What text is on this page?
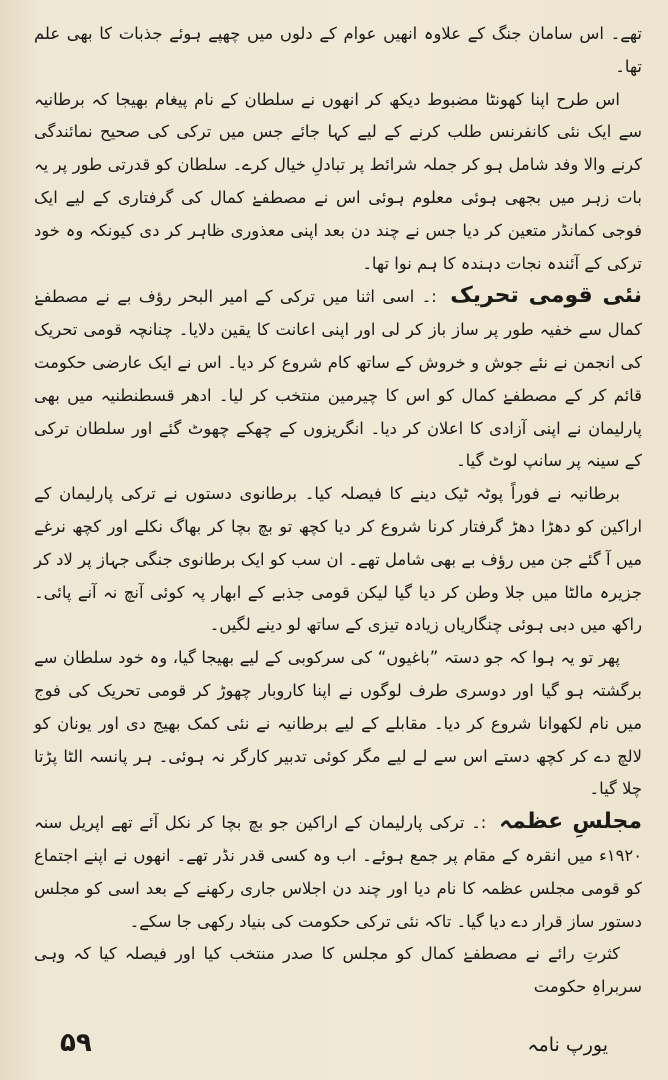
تھے۔ اس سامان جنگ کے علاوہ انھیں عوام کے دلوں میں چھپے ہوئے جذبات کا بھی علم تھا۔

اس طرح اپنا کھونٹا مضبوط دیکھ کر انھوں نے سلطان کے نام پیغام بھیجا کہ برطانیہ سے ایک نئی کانفرنس طلب کرنے کے لیے کہا جائے جس میں ترکی کی صحیح نمائندگی کرنے والا وفد شامل ہو کر جملہ شرائط پر تبادلِ خیال کرے۔ سلطان کو قدرتی طور پر یہ بات زہر میں بجھی ہوئی معلوم ہوئی اس نے مصطفےٰ کمال کی گرفتاری کے لیے ایک فوجی کمانڈر متعین کر دیا جس نے چند دن بعد اپنی معذوری ظاہر کر دی کیونکہ وہ خود ترکی کے آئندہ نجات دہندہ کا ہم نوا تھا۔

نئی قومی تحریک :۔ اسی اثنا میں ترکی کے امیر البحر رؤف بے نے مصطفےٰ کمال سے خفیہ طور پر ساز باز کر لی اور اپنی اعانت کا یقین دلایا۔ چنانچہ قومی تحریک کی انجمن نے نئے جوش و خروش کے ساتھ کام شروع کر دیا۔ اس نے ایک عارضی حکومت قائم کر کے مصطفےٰ کمال کو اس کا چیرمین منتخب کر لیا۔ ادھر قسطنطنیہ میں بھی پارلیمان نے اپنی آزادی کا اعلان کر دیا۔ انگریزوں کے چھکے چھوٹ گئے اور سلطان ترکی کے سینہ پر سانپ لوٹ گیا۔

برطانیہ نے فوراً پوٹہ ٹیک دینے کا فیصلہ کیا۔ برطانوی دستوں نے ترکی پارلیمان کے اراکین کو دھڑا دھڑ گرفتار کرنا شروع کر دیا کچھ تو بچ بچا کر بھاگ نکلے اور کچھ نرغے میں آ گئے جن میں رؤف بے بھی شامل تھے۔ ان سب کو ایک برطانوی جنگی جہاز پر لاد کر جزیرہ مالٹا میں جلا وطن کر دیا گیا لیکن قومی جذبے کے ابھار پہ کوئی آنچ نہ آنے پائی۔ راکھ میں دبی ہوئی چنگاریاں زیادہ تیزی کے ساتھ لو دینے لگیں۔

پھر تو یہ ہوا کہ جو دستہ ”باغیوں“ کی سرکوبی کے لیے بھیجا گیا، وہ خود سلطان سے برگشتہ ہو گیا اور دوسری طرف لوگوں نے اپنا کاروبار چھوڑ کر قومی تحریک کی فوج میں نام لکھوانا شروع کر دیا۔ مقابلے کے لیے برطانیہ نے نئی کمک بھیج دی اور یونان کو لالچ دے کر کچھ دستے اس سے لے لیے مگر کوئی تدبیر کارگر نہ ہوئی۔ ہر پانسہ الٹا پڑتا چلا گیا۔

مجلسِ عظمہ :۔ ترکی پارلیمان کے اراکین جو بچ بچا کر نکل آئے تھے اپریل سنہ ۱۹۲۰ء میں انقرہ کے مقام پر جمع ہوئے۔ اب وہ کسی قدر نڈر تھے۔ انھوں نے اپنے اجتماع کو قومی مجلس عظمہ کا نام دیا اور چند دن اجلاس جاری رکھنے کے بعد اسی کو مجلس دستور ساز قرار دے دیا گیا۔ تاکہ نئی ترکی حکومت کی بنیاد رکھی جا سکے۔

کثرتِ رائے نے مصطفےٰ کمال کو مجلس کا صدر منتخب کیا اور فیصلہ کیا کہ وہی سربراہِ حکومت

۵۹	یورپ نامہ
